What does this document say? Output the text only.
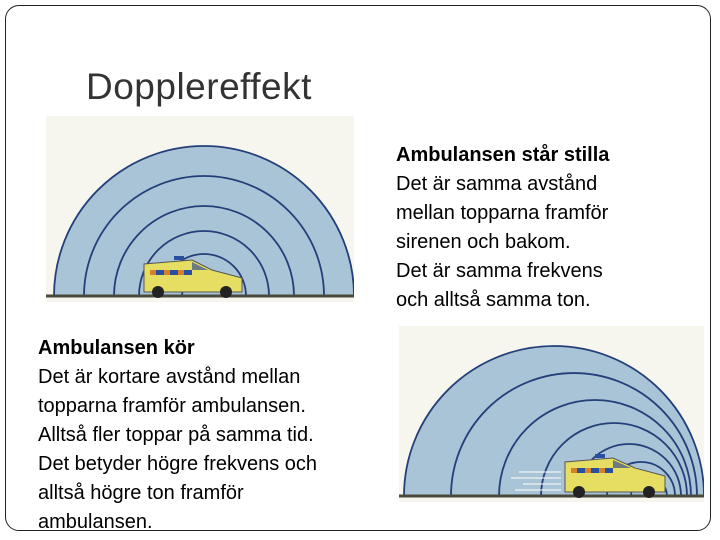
Dopplereffekt
Ambulansen står stilla
Det är samma avstånd
mellan topparna framför
sirenen och bakom.
Det är samma frekvens
och alltså samma ton.
Ambulansen kör
Det är kortare avstånd mellan
topparna framför ambulansen.
Alltså fler toppar på samma tid.
Det betyder högre frekvens och
alltså högre ton framför
ambulansen.
